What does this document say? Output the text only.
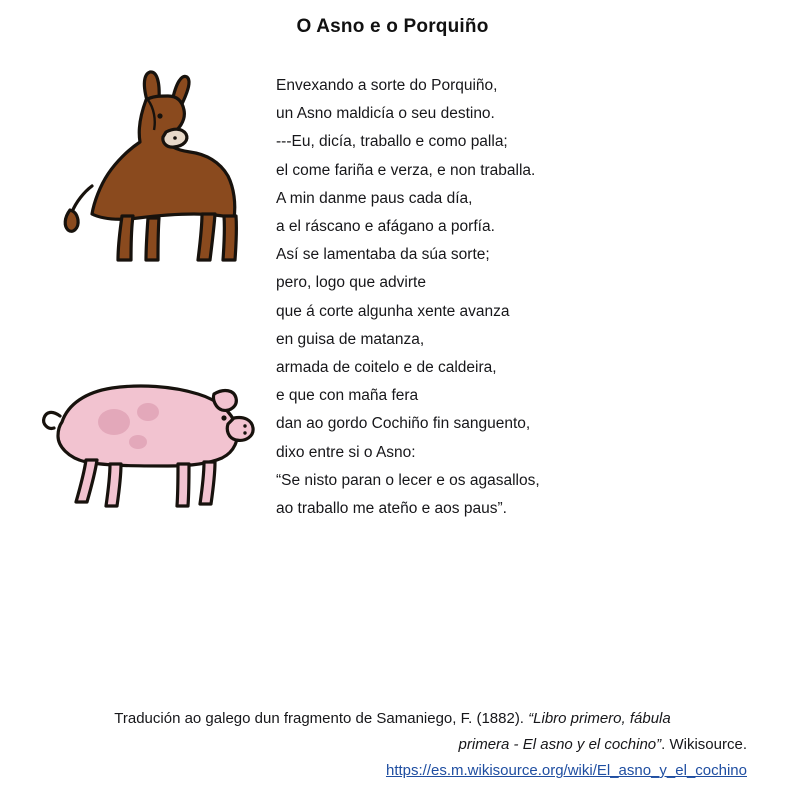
O Asno e o Porquiño
Envexando a sorte do Porquiño,
un Asno maldicía o seu destino.
---Eu, dicía, traballo e como palla;
el come fariña e verza, e non traballa.
A min danme paus cada día,
a el ráscano e afágano a porfía.
Así se lamentaba da súa sorte;
pero, logo que advirte
que á corte algunha xente avanza
en guisa de matanza,
armada de coitelo e de caldeira,
e que con maña fera
dan ao gordo Cochiño fin sanguento,
dixo entre si o Asno:
“Se nisto paran o lecer e os agasallos,
ao traballo me ateño e aos paus”.
Tradución ao galego dun fragmento de Samaniego, F. (1882). “Libro primero, fábula
primera - El asno y el cochino”. Wikisource.
https://es.m.wikisource.org/wiki/El_asno_y_el_cochino
